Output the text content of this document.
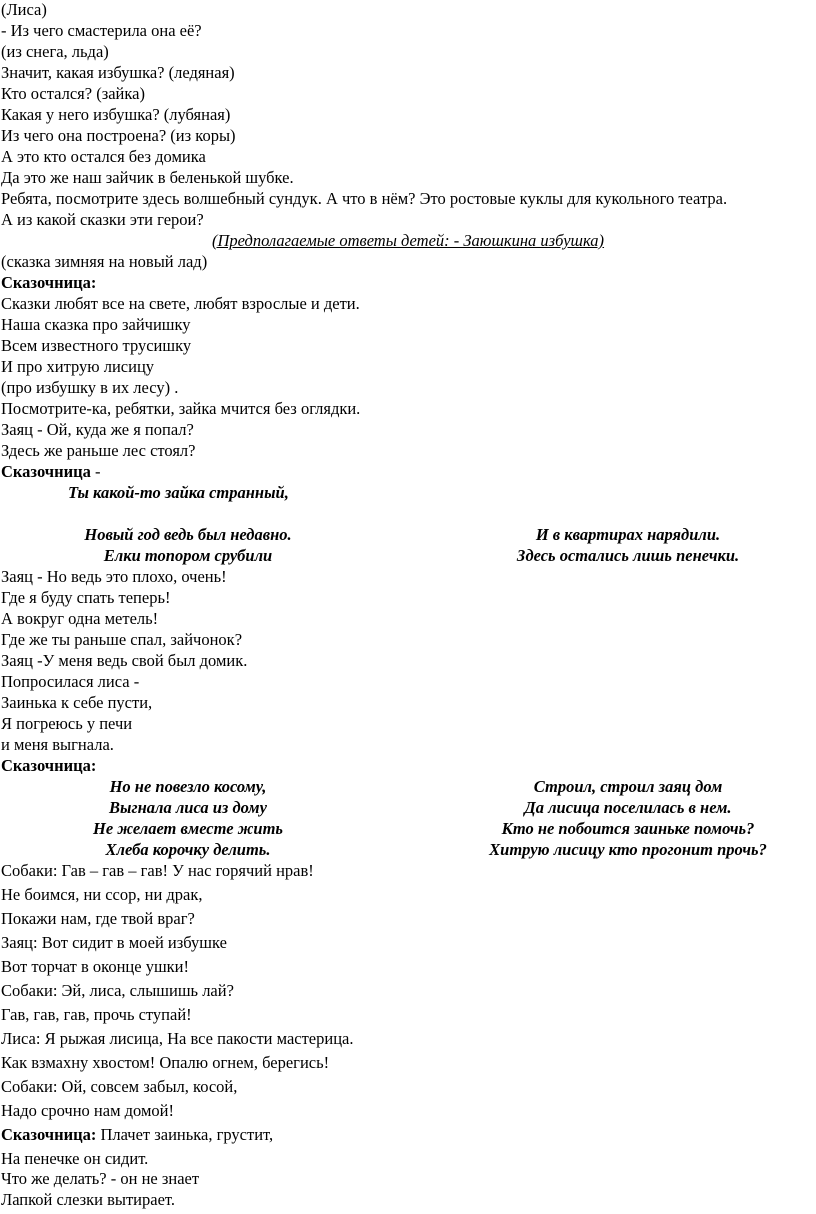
(Лиса)
- Из чего смастерила она её?
(из снега, льда)
Значит, какая избушка? (ледяная)
Кто остался? (зайка)
Какая у него избушка? (лубяная)
Из чего она построена? (из коры)
А это кто остался без домика
Да это же наш зайчик в беленькой шубке.
Ребята, посмотрите здесь волшебный сундук. А что в нём? Это ростовые куклы для кукольного театра.
А из какой сказки эти герои?
(Предполагаемые ответы детей: - Заюшкина избушка)
(сказка зимняя на новый лад)
Сказочница:
Сказки любят все на свете, любят взрослые и дети.
Наша сказка про зайчишку
Всем известного трусишку
И про хитрую лисицу
(про избушку в их лесу) .
Посмотрите-ка, ребятки, зайка мчится без оглядки.
Заяц - Ой, куда же я попал?
Здесь же раньше лес стоял?
Сказочница -
Ты какой-то зайка странный,
Новый год ведь был недавно.	И в квартирах нарядили.
Елки топором срубили	Здесь остались лишь пенечки.
Заяц - Но ведь это плохо, очень!
Где я буду спать теперь!
А вокруг одна метель!
Где же ты раньше спал, зайчонок?
Заяц -У меня ведь свой был домик.
Попросилася лиса -
Заинька к себе пусти,
Я погреюсь у печи
и меня выгнала.
Сказочница:
Но не повезло косому,	Строил, строил заяц дом
Выгнала лиса из дому	Да лисица поселилась в нем.
Не желает вместе жить	Кто не побоится заиньке помочь?
Хлеба корочку делить.	Хитрую лисицу кто прогонит прочь?
Собаки: Гав – гав – гав! У нас горячий нрав!
Не боимся, ни ссор, ни драк,
Покажи нам, где твой враг?
Заяц: Вот сидит в моей избушке
Вот торчат в оконце ушки!
Собаки: Эй, лиса, слышишь лай?
Гав, гав, гав, прочь ступай!
Лиса: Я рыжая лисица, На все пакости мастерица.
Как взмахну хвостом! Опалю огнем, берегись!
Собаки: Ой, совсем забыл, косой,
Надо срочно нам домой!
Сказочница: Плачет заинька, грустит,
На пенечке он сидит.
Что же делать? - он не знает
Лапкой слезки вытирает.
